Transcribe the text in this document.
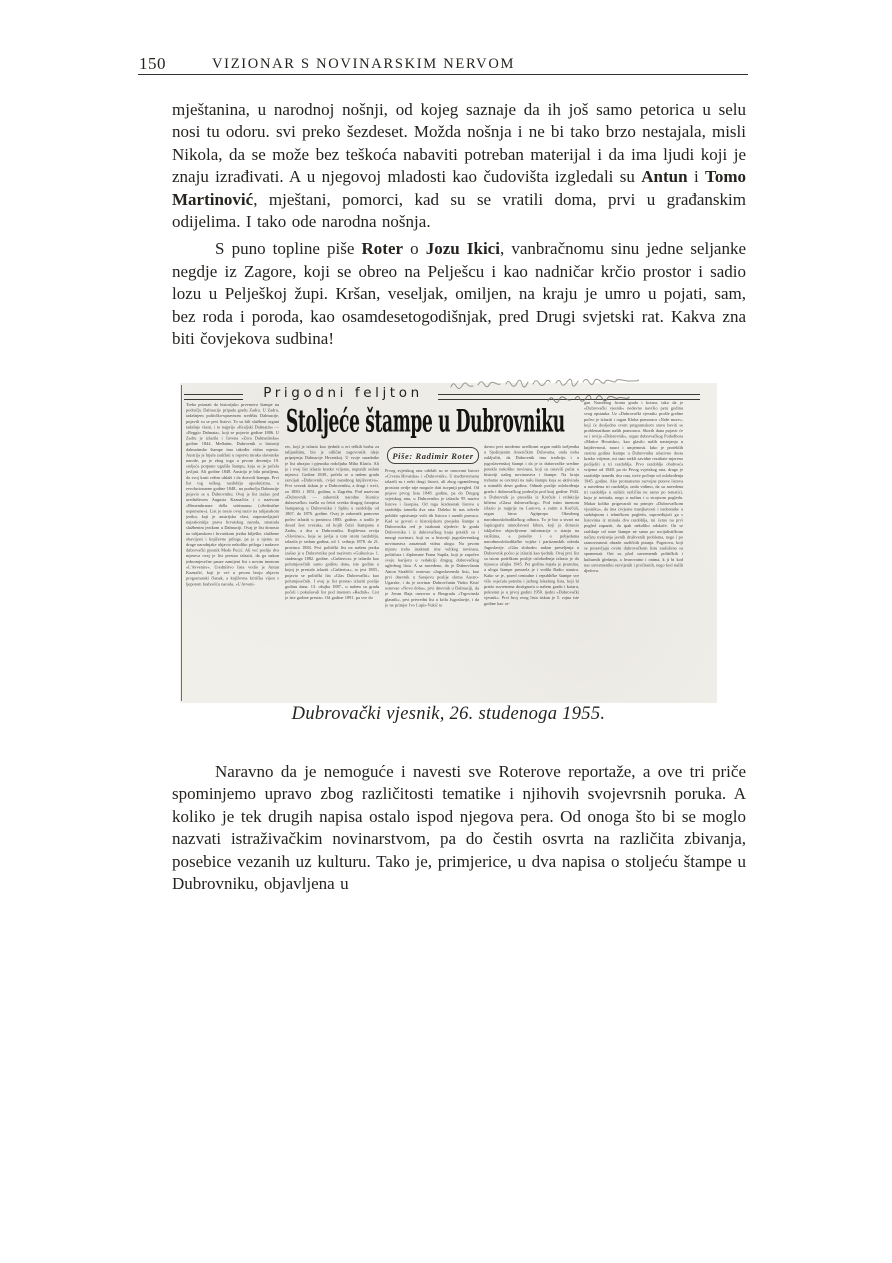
150	VIZIONAR S NOVINARSKIM NERVOM

mještanina, u narodnoj nošnji, od kojeg saznaje da ih još samo petorica u selu nosi tu odoru. svi preko šezdeset. Možda nošnja i ne bi tako brzo nestajala, misli Nikola, da se može bez teškoća nabaviti potreban materijal i da ima ljudi koji je znaju izrađivati. A u njegovoj mladosti kao čudovišta izgledali su Antun i Tomo Martinović, mještani, pomorci, kad su se vratili doma, prvi u građanskim odijelima. I tako ode narodna nošnja.

S puno topline piše Roter o Jozu Ikici, vanbračnomu sinu jedne seljanke negdje iz Zagore, koji se obreo na Pelješcu i kao nadničar krčio prostor i sadio lozu u Pelješkoj župi. Kršan, veseljak, omiljen, na kraju je umro u pojati, sam, bez roda i poroda, kao osamdesetogodišnjak, pred Drugi svjetski rat. Kakva zna biti čovjekova sudbina!

Prigodni feljton
Stoljeće štampe u Dubrovniku
Piše: Radimir Roter
Treba priznati da historijsko prvenstvo štampe na području Dalmacije pripada gradu Zadru. U Zadru, tadašnjem političko-upravnom središtu Dalmacije, pojavili su se prvi listovi. To su bili službeni organi tadašnje vlasti, i to najprije »Kraljski Dalmatin« — »Reggio Dalmata«, koji se pojavio godine 1806. U Zadru je izlazila i čuvena »Zora Dalmatinska« godine 1844. Međutim, Dubrovnik u historiji dalmatinske štampe ima također vidno mjesto. Austrija je htjela zadržati u ropstvu mraka slavenske narode, pa je zbog toga u prvom deceniju 19. stoljeća potpuno ugušila štampu, koja se je počela javljati. Ali godine 1848. Austrija je bila prisiljena, da svoj kruti režim ublaži i da dozvoli štampu. Prvi list tog teškog razdoblja apsolutizma, a revolucionarne godine 1848., na području Dalmacije pojavio se u Dubrovniku. Ovaj je list izašao pod uredništvom Augusta Kaznačića i s nazivom »Rimembranze della settimana« (»Sedmične uspomene«). List je nosio ovaj naziv na talijanskom jeziku, koji je austrijska vlast, zapostavljajući najzakonitija prava hrvatskog naroda, smatrala službenim jezikom u Dalmaciji. Ovaj je list donosio na talijanskom i hrvatskom jeziku bilješke, službene obavijesti i književne priloge, pa je u njemu uz druge narodnjake objavio nekoliko priloga i nadasve dubrovački pjesnik Medo Pucić. Ali već poslije dva mjeseca ovaj je list prestao izlaziti, da ga nakon jednomjesečne pauze zamijeni list s novim imenom »L'Avvenire«. Uredništvo lista vodio je Antun Kaznačić, koji je već u prvom broju objavio programatski članak, a književna kritička vijest s ljepotom hrabrošću naroda, »L'Avveni-
rec, koji je izlazio kao tjednik u eri teških borba za talijanštinu, bio je odličan zagovornik ideje pripojenja Dalmacije Hrvatskoj. U svoje suradnike je list ubrajao i pjesnika rodoljuba Miha Klaića. Ali je i ovaj list izlazio kratko vrijeme, nepunih sedam mjeseci. Godine 1849., počela se u našem gradu razvijati »Dubrovnik, cvijet narodnog književstva«. Prvi svezak tiskan je u Dubrovniku, a drugi i treći, za 1850. i 1851. godinu, u Zagrebu. Pod nazivom »Dubrovnik — zabavnik narodne štionice dubrovačke« izašla su četiri sveska drugog časopisa štampanog u Dubrovniku i Splitu u razdoblju od 1867. do 1876. godine. Ovaj je zabavnik ponovno počeo izlaziti u prosincu 1885. godine, a izašlo je dosad šest svezaka, od kojih četiri štampana u Zadru, a dva u Dubrovniku. Književna revija »Slovinac«, koja se javlja u tom istom razdoblju, izlazila je sedam godina, od 1. svibnja 1878. do 21. prosinca 1884. Prvi politički list na našem jeziku izašao je u Dubrovniku pod nazivom »Gušterica« 1. studenoga 1882. godine. »Gušterica« je izlazila kao polumjesečnik samo godinu dana, iste godine u kojoj je prestala izlaziti »Gušterica«, to jest 1883., pojavio se politički list »Glas Dubrovački« kao polumjesečnik. I ovaj je list prestao izlaziti poslije godinu dana. 13. ožujka 1887., u našem su gradu počeli i pokušavali list pod imenom »Radnik«. List je iste godine prestao. Od godine 1891. pa sve do
Prvog svjetskog rata održali su se osnovani listovi »Crvena Hrvatska« i »Dubrovnik«. U međuvremenu izlazili su i neki drugi listovi, ali zbog ograničenog prostora ovdje nije moguće dati iscrpniji pregled. Od pojave prvog lista 1848. godine, pa do Drugog svjetskog rata, u Dubrovniku je izlazilo 95 naziva listova i časopisa. Od toga šezdesetak listova u razdoblju između dva rata. Daleko bi nas odvelo pobliže opisivanje svih tih listova i raznih pravaca. Kad se govori o historijskom presjeku štampe u Dubrovniku red je istaknuti sljedeće: Iz grada Dubrovnika i iz dubrovačkog kraja potekli su i mnogi novinari, koji su u historiji jugoslavenskog novinarstva zauzimali vidnu ulogu. Na prvom mjestu treba istaknuti ime velikog novinara, političara i diplomate Frana Supila, koji je započeo svoju karijeru u redakciji drugog dubrovačkog uglednog lista. A sa navedeno, da je Dubrovčanin Anton Stražičić osnovao »Jugoslavenski list«, kao prvi dnevnik u Sarajevu poslije sloma Austro-Ugarske, i da je novinar Dubrovčanin Vinko Kisić osnovao »Novo doba«, prvi dnevnik u Dalmaciji, da je Jovan Đaja osnovao u Beogradu »Trgovinski glasnik«, prvi privredni list u krilu Jugoslavije, i da je na primjer Ivo Lupis-Vukić te
davno prvi moderno uređivani organ naših iseljenika u Sjedinjenim Američkim Državama, onda treba zaključiti, da Dubrovnik ima tradiciju i u jugoslavenskoj štampi i da je iz dubrovačke sredine poteklo nekoliko novinara, koji su ostavili pečat u historiji našeg novinarstva i štampe. Na kraju trebamo se osvrnuti na našu štampu koja se aktivirala u minulih deset godina. Odmah poslije oslobođenja grada i dubrovačkog područja pod kraj godine 1944. u Dubrovnik je preselila iz Korčule i redakcija biltena »Glasa dubrovačkog«. Pod istim imenom izlazio je najprije na Lastovu, a zatim u Korčuli, organ biroa Agitpropa Okružnog narodnooslobodilačkog odbora. To je bio u stvari na šapirografu umnožavani bilten, koji je donosio isključivo objavljivane informacije o stanju na ratištima, a ponešto i o pobjedama narodnooslobodilačke vojske i partizanskih odreda Jugoslavije. »Glas slobode« nakon preseljenja u Dubrovnik počeo je izlaziti kao tjednik. Ovaj prvi list sa istom podrškom poslije oslobođenja izlazio je do mjeseca ožujka 1945. Pet godina trajala je praznina, a ulogu štampe preuzela je i vodila Radio stanica. Kako se je, pored centralne i republičke štampe sve više osjećala potreba i jednog lokalnog lista, koji bi pratio suvremena dostignuća u našem gradu i kotaru, pokrenut je u prvoj godini 1950. tjedni »Dubrovački vjesnik«. Prvi broj ovog lista tiskan je 5. rujna iste godine kao or-
gan Narodnog fronta grada i kotara, tako da je »Dubrovački vjesnik« nedavno navršio petu godinu svog opstanka. Uz »Dubrovački vjesnik« prošle godine počeo je izlaziti i organ Kluba pomoraca »Naše more«, koji će dosljedno svom programskom stavu baviti se problematikom naših pomoraca. Skorih dana pojavit će se i revija »Dubrovnik«, organ dubrovačkog Pododbora »Matice Hrvatske«, kao glasilo naših nastojanja u književnosti, nauci i umjetnosti. Iako je proteklih stotinu godina štampe u Dubrovniku relativno dosta kratko vrijeme, mi smo stekli zavidne rezultate mjereno podijeliti u tri razdoblja. Prvo razdoblje obuhvaća vrijeme od 1848. pa do Prvog svjetskog rata, drugo je razdoblje između dva rata, treće počinje od oslobođenja 1945. godine. Ako promatramo razvojne puteve listova u navedena tri razdoblja, onda vidimo, da su navedena tri razdoblja u suštini različita ne samo po tematici, koju je tretirala, nego u načinu i u strojnom pogledu. Makar koliko prigovarali na primjer »Dubrovačkom vjesniku«, da ima izvjesne manjkavosti i nedostatke u sadržajnom i tehničkom pogledu, uspoređujući ga s listovima iz minula dva razdoblja, mi ćemo na prvi pogled zapaziti, da ipak nekoliko odskače. On se razlikuje od stare štampe ne samo po socijalističkom načinu tretiranja javnih društvenih problema, nego i po raznovrsnosti obrade različitih pitanja. Pogotovu, koji se postavljaju ovom dubrovačkom listu zasluženo su spomenuti. Oni su plod suvremenih političkih i kulturnih gledanja, a hvarovatno i onima, k ji bi kod nas suvremeniku razvijenih i pročitanih, nego kod naših djedova.
Dubrovački vjesnik, 26. studenoga 1955.

Naravno da je nemoguće i navesti sve Roterove reportaže, a ove tri priče spominjemo upravo zbog različitosti tematike i njihovih svojevrsnih poruka. A koliko je tek drugih napisa ostalo ispod njegova pera. Od onoga što bi se moglo nazvati istraživačkim novinarstvom, pa do čestih osvrta na različita zbivanja, posebice vezanih uz kulturu. Tako je, primjerice, u dva napisa o stoljeću štampe u Dubrovniku, objavljena u
